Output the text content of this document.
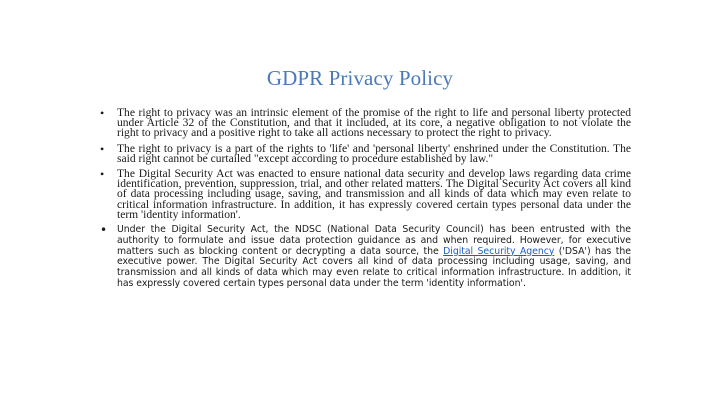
GDPR Privacy Policy
• The right to privacy was an intrinsic element of the promise of the right to life and personal liberty protected under Article 32 of the Constitution, and that it included, at its core, a negative obligation to not violate the right to privacy and a positive right to take all actions necessary to protect the right to privacy.
• The right to privacy is a part of the rights to 'life' and 'personal liberty' enshrined under the Constitution. The said right cannot be curtailed "except according to procedure established by law."
• The Digital Security Act was enacted to ensure national data security and develop laws regarding data crime identification, prevention, suppression, trial, and other related matters. The Digital Security Act covers all kind of data processing including usage, saving, and transmission and all kinds of data which may even relate to critical information infrastructure. In addition, it has expressly covered certain types personal data under the term 'identity information'.
• Under the Digital Security Act, the NDSC (National Data Security Council) has been entrusted with the authority to formulate and issue data protection guidance as and when required. However, for executive matters such as blocking content or decrypting a data source, the Digital Security Agency ('DSA') has the executive power. The Digital Security Act covers all kind of data processing including usage, saving, and transmission and all kinds of data which may even relate to critical information infrastructure. In addition, it has expressly covered certain types personal data under the term 'identity information'.
